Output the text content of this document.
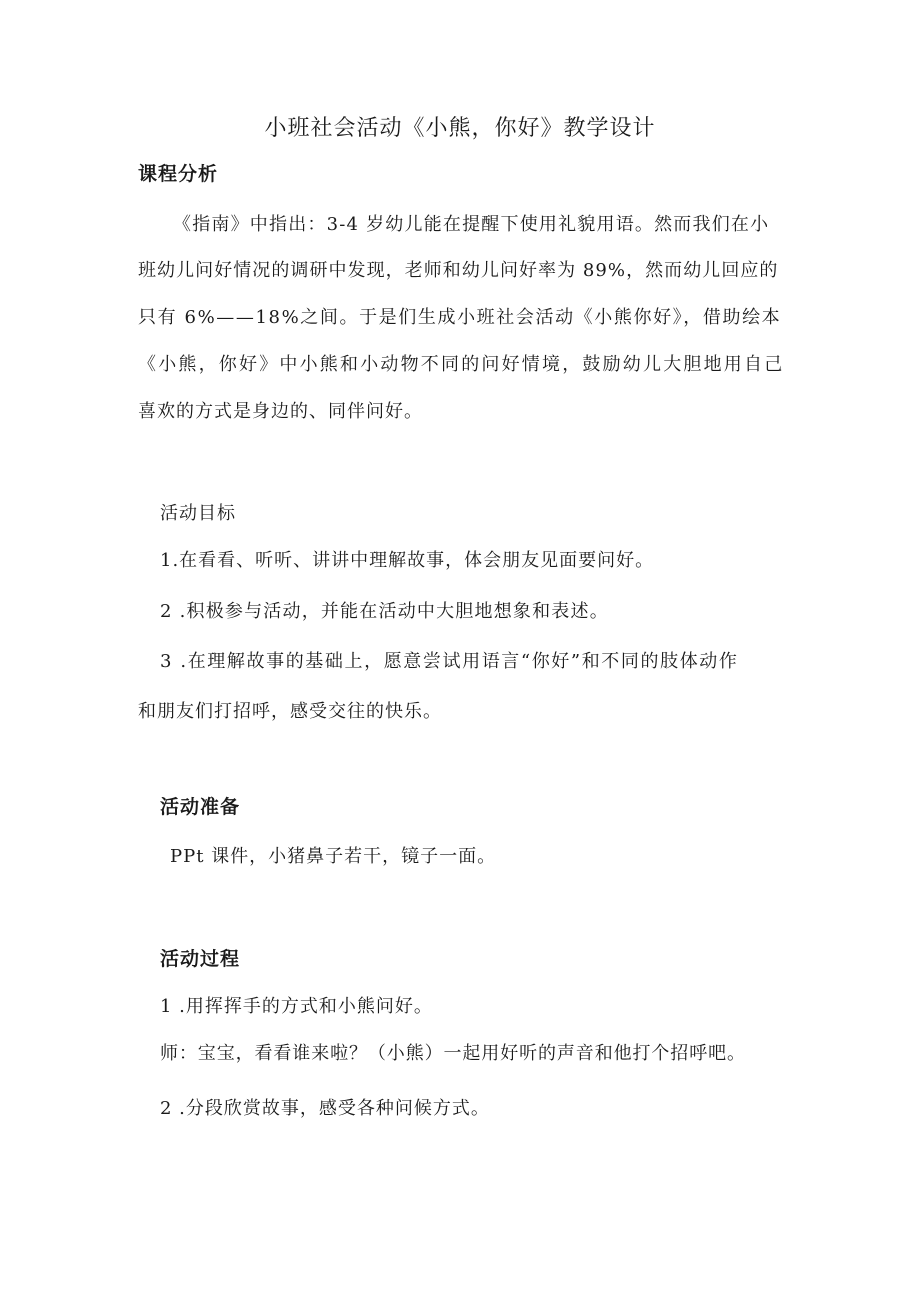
小班社会活动《小熊，你好》教学设计
课程分析
《指南》中指出：3-4 岁幼儿能在提醒下使用礼貌用语。然而我们在小
班幼儿问好情况的调研中发现，老师和幼儿问好率为 89%，然而幼儿回应的
只有 6%——18%之间。于是们生成小班社会活动《小熊你好》，借助绘本
《小熊，你好》中小熊和小动物不同的问好情境，鼓励幼儿大胆地用自己
喜欢的方式是身边的、同伴问好。
活动目标
1.在看看、听听、讲讲中理解故事，体会朋友见面要问好。
2 .积极参与活动，并能在活动中大胆地想象和表述。
3 .在理解故事的基础上，愿意尝试用语言“你好”和不同的肢体动作
和朋友们打招呼，感受交往的快乐。
活动准备
PPt 课件，小猪鼻子若干，镜子一面。
活动过程
1 .用挥挥手的方式和小熊问好。
师：宝宝，看看谁来啦？（小熊）一起用好听的声音和他打个招呼吧。
2 .分段欣赏故事，感受各种问候方式。
